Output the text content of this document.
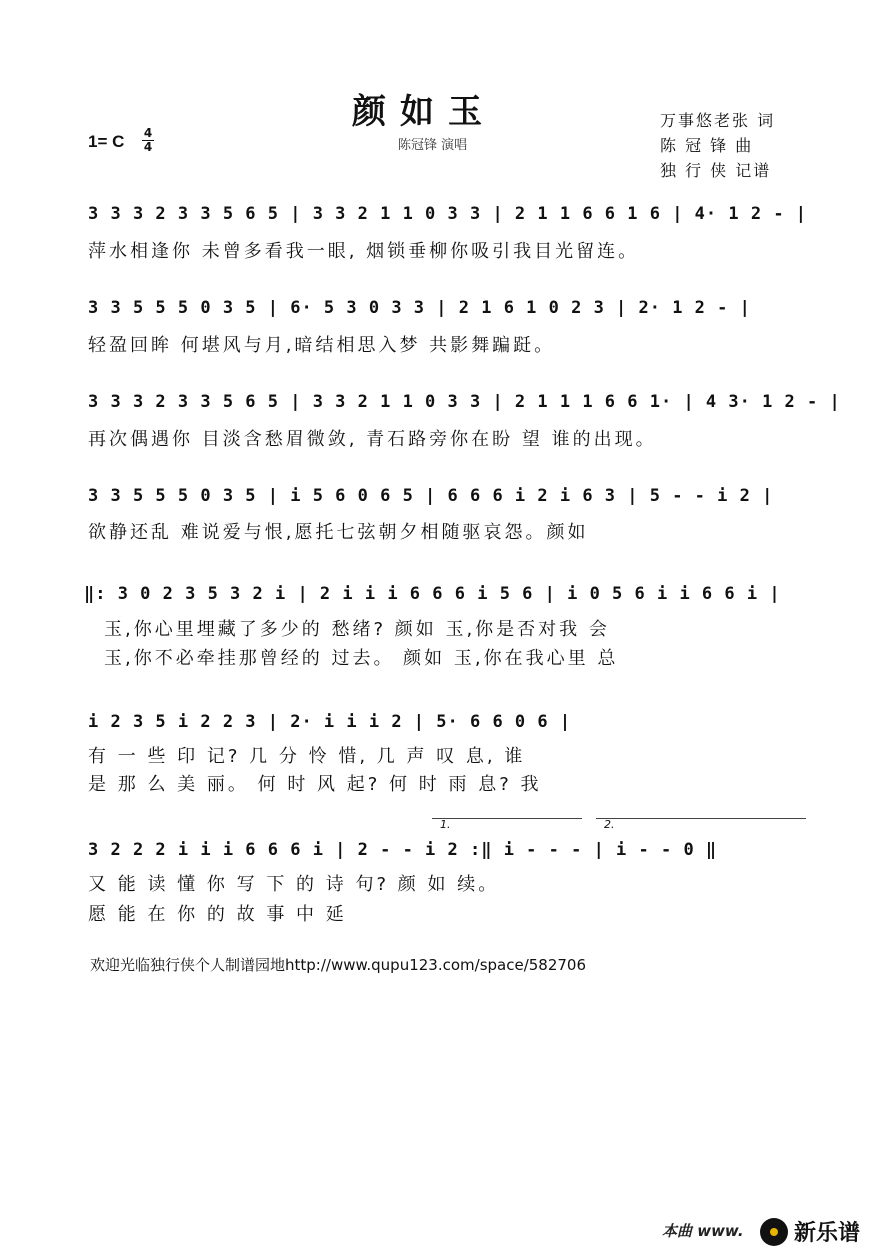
颜如玉
陈冠锋 演唱
1= C 4
4
万事悠老张 词
陈 冠 锋 曲
独 行 侠 记谱
3 3 3 2 3 3 5 6 5 | 3 3 2 1 1 0 3 3 | 2 1 1 6 6 1 6 | 4· 1 2 - |
萍水相逢你 未曾多看我一眼, 烟锁垂柳你吸引我目光留连。
3 3 5 5 5 0 3 5 | 6· 5 3 0 3 3 | 2 1 6 1 0 2 3 | 2· 1 2 - |
轻盈回眸 何堪风与月,暗结相思入梦 共影舞蹁跹。
3 3 3 2 3 3 5 6 5 | 3 3 2 1 1 0 3 3 | 2 1 1 1 6 6 1· | 4 3· 1 2 - |
再次偶遇你 目淡含愁眉微敛, 青石路旁你在盼 望 谁的出现。
3 3 5 5 5 0 3 5 | i 5 6 0 6 5 | 6 6 6 i 2 i 6 3 | 5 - - i 2 |
欲静还乱 难说爱与恨,愿托七弦朝夕相随驱哀怨。颜如
‖: 3 0 2 3 5 3 2 i | 2 i i i 6 6 6 i 5 6 | i 0 5 6 i i 6 6 i |
玉,你心里埋藏了多少的 愁绪? 颜如 玉,你是否对我 会
玉,你不必牵挂那曾经的 过去。 颜如 玉,你在我心里 总
i 2 3 5 i 2 2 3 | 2· i i i 2 | 5· 6 6 0 6 |
有 一 些 印 记? 几 分 怜 惜, 几 声 叹 息, 谁
是 那 么 美 丽。 何 时 风 起? 何 时 雨 息? 我
1.	2.
3 2 2 2 i i i 6 6 6 i | 2 - - i 2 :‖ i - - - | i - - 0 ‖
又 能 读 懂 你 写 下 的 诗 句? 颜 如 续。
愿 能 在 你 的 故 事 中 延
欢迎光临独行侠个人制谱园地http://www.qupu123.com/space/582706
本曲 www. 新乐谱
